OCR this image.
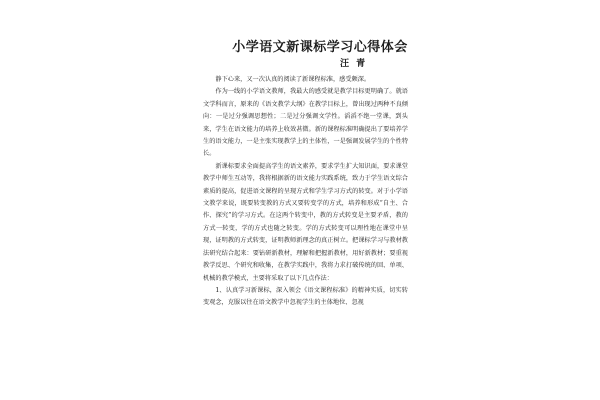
小学语文新课标学习心得体会
汪 青

静下心来，又一次认真的阅读了新课程标准，感受颇深。

作为一线的小学语文教师，我最大的感受就是教学目标更明确了。就语文学科而言，原来的《语文教学大纲》在教学目标上，曾出现过两种不良倾向：一是过分强调思想性；二是过分强调文学性。滔滔不绝一堂课，到头来，学生在语文能力的培养上收效甚微。新的课程标准明确提出了要培养学生的语文能力，一是主张实现教学上的主体性，一是强调发展学生的个性特长。

新课标要求全面提高学生的语文素养，要求学生扩大知识面，要求课堂教学中师生互动等，我将根据新的语文能力实践系统，致力于学生语文综合素质的提高，促进语文课程的呈现方式和学生学习方式的转变。对于小学语文教学来说，既要转变教的方式又要转变学的方式，培养和形成“自主、合作、探究”的学习方式。在这两个转变中，教的方式转变是主要矛盾，教的方式一转变，学的方式也随之转变。学的方式转变可以理性地在课堂中呈现，证明教的方式转变，证明教师新理念的真正树立。把课标学习与教材教法研究结合起来：要钻研新教材，理解和把握新教材，用好新教材；要重视教学反思、个研究和收集，在教学实践中，我将力求打破传统的回、单项、机械的教学模式，主要将采取了以下几点作法：

1、认真学习新课标，深入领会《语文课程标准》的精神实质，切实转变观念，克服以往在语文教学中忽视学生的主体地位、忽视
